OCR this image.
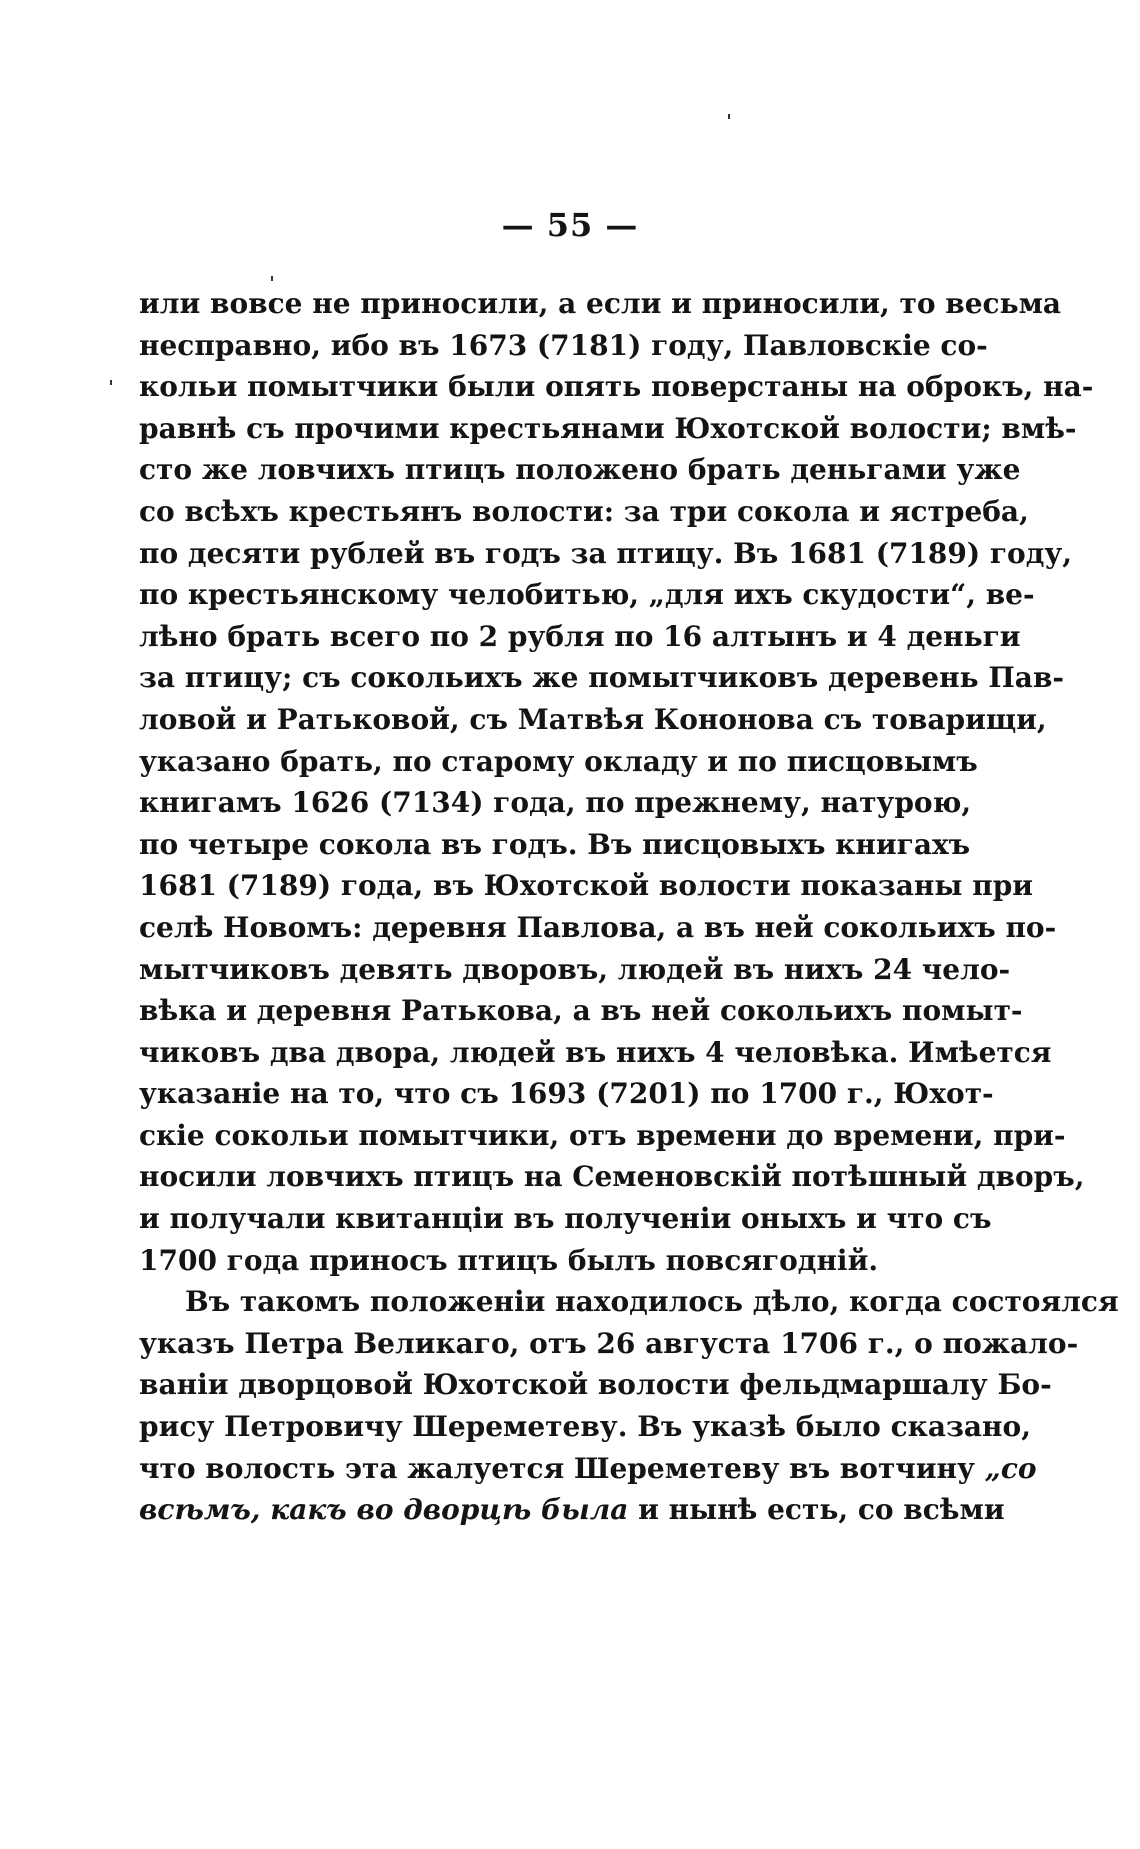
— 55 —
или вовсе не приносили, а если и приносили, то весьма
несправно, ибо въ 1673 (7181) году, Павловскіе со-
кольи помытчики были опять поверстаны на оброкъ, на-
равнѣ съ прочими крестьянами Юхотской волости; вмѣ-
сто же ловчихъ птицъ положено брать деньгами уже
со всѣхъ крестьянъ волости: за три сокола и ястреба,
по десяти рублей въ годъ за птицу. Въ 1681 (7189) году,
по крестьянскому челобитью, „для ихъ скудости“, ве-
лѣно брать всего по 2 рубля по 16 алтынъ и 4 деньги
за птицу; съ сокольихъ же помытчиковъ деревень Пав-
ловой и Ратьковой, съ Матвѣя Кононова съ товарищи,
указано брать, по старому окладу и по писцовымъ
книгамъ 1626 (7134) года, по прежнему, натурою,
по четыре сокола въ годъ. Въ писцовыхъ книгахъ
1681 (7189) года, въ Юхотской волости показаны при
селѣ Новомъ: деревня Павлова, а въ ней сокольихъ по-
мытчиковъ девять дворовъ, людей въ нихъ 24 чело-
вѣка и деревня Ратькова, а въ ней сокольихъ помыт-
чиковъ два двора, людей въ нихъ 4 человѣка. Имѣется
указаніе на то, что съ 1693 (7201) по 1700 г., Юхот-
скіе сокольи помытчики, отъ времени до времени, при-
носили ловчихъ птицъ на Семеновскій потѣшный дворъ,
и получали квитанціи въ полученіи оныхъ и что съ
1700 года приносъ птицъ былъ повсягодній.
Въ такомъ положеніи находилось дѣло, когда состоялся
указъ Петра Великаго, отъ 26 августа 1706 г., о пожало-
ваніи дворцовой Юхотской волости фельдмаршалу Бо-
рису Петровичу Шереметеву. Въ указѣ было сказано,
что волость эта жалуется Шереметеву въ вотчину „со
всѣмъ, какъ во дворцѣ была и нынѣ есть, со всѣми
